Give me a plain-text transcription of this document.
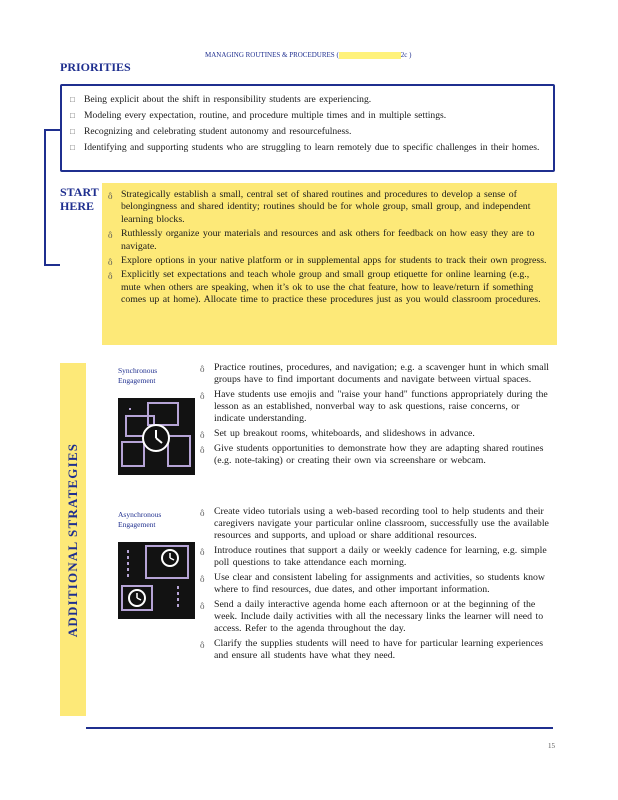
MANAGING ROUTINES & PROCEDURES (	2c )
PRIORITIES
□ Being explicit about the shift in responsibility students are experiencing.
□ Modeling every expectation, routine, and procedure multiple times and in multiple settings.
□ Recognizing and celebrating student autonomy and resourcefulness.
□ Identifying and supporting students who are struggling to learn remotely due to specific challenges in their homes.
START HERE
ô Strategically establish a small, central set of shared routines and procedures to develop a sense of belongingness and shared identity; routines should be for whole group, small group, and independent learning blocks.
ô Ruthlessly organize your materials and resources and ask others for feedback on how easy they are to navigate.
ô Explore options in your native platform or in supplemental apps for students to track their own progress.
ô Explicitly set expectations and teach whole group and small group etiquette for online learning (e.g., mute when others are speaking, when it’s ok to use the chat feature, how to leave/return if something comes up at home). Allocate time to practice these procedures just as you would classroom procedures.
ADDITIONAL STRATEGIES
Synchronous Engagement
ô Practice routines, procedures, and navigation; e.g. a scavenger hunt in which small groups have to find important documents and navigate between virtual spaces.
ô Have students use emojis and "raise your hand" functions appropriately during the lesson as an established, nonverbal way to ask questions, raise concerns, or indicate understanding.
ô Set up breakout rooms, whiteboards, and slideshows in advance.
ô Give students opportunities to demonstrate how they are adapting shared routines (e.g. note-taking) or creating their own via screenshare or webcam.
Asynchronous Engagement
ô Create video tutorials using a web-based recording tool to help students and their caregivers navigate your particular online classroom, successfully use the available resources and supports, and upload or share additional resources.
ô Introduce routines that support a daily or weekly cadence for learning, e.g. simple poll questions to take attendance each morning.
ô Use clear and consistent labeling for assignments and activities, so students know where to find resources, due dates, and other important information.
ô Send a daily interactive agenda home each afternoon or at the beginning of the week. Include daily activities with all the necessary links the learner will need to access. Refer to the agenda throughout the day.
ô Clarify the supplies students will need to have for particular learning experiences and ensure all students have what they need.
15
